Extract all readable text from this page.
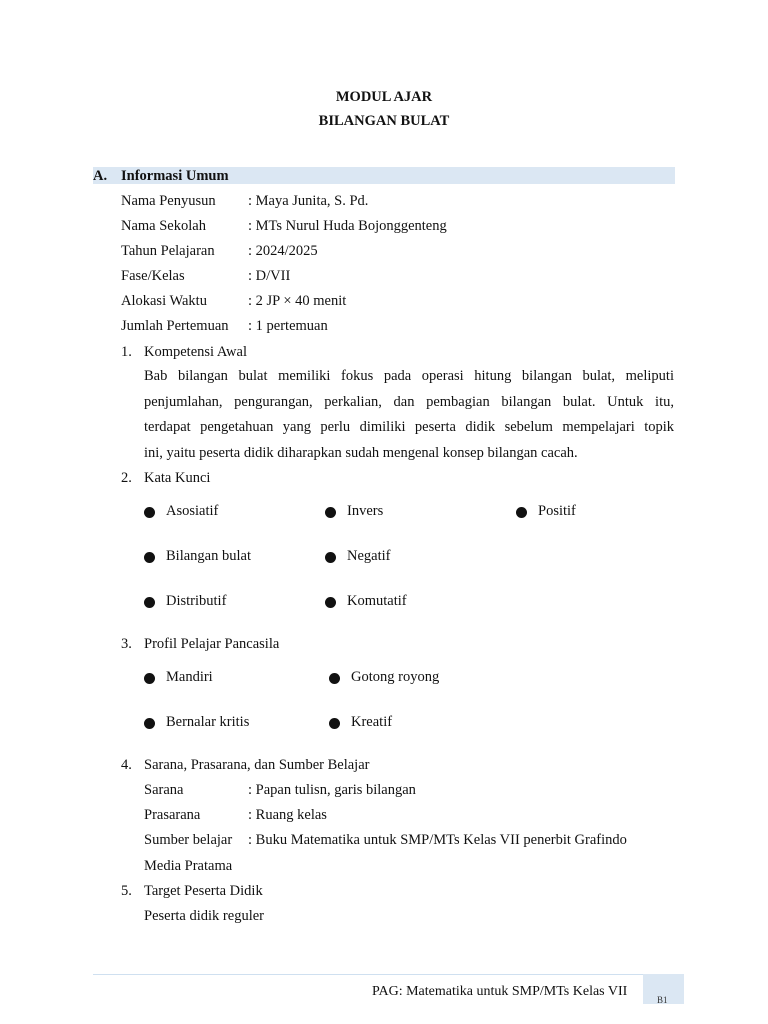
MODUL AJAR
BILANGAN BULAT
A. Informasi Umum
Nama Penyusun : Maya Junita, S. Pd.
Nama Sekolah	: MTs Nurul Huda Bojonggenteng
Tahun Pelajaran : 2024/2025
Fase/Kelas	: D/VII
Alokasi Waktu	: 2 JP × 40 menit
Jumlah Pertemuan : 1 pertemuan
1. Kompetensi Awal
Bab bilangan bulat memiliki fokus pada operasi hitung bilangan bulat, meliputi
penjumlahan, pengurangan, perkalian, dan pembagian bilangan bulat. Untuk itu,
terdapat pengetahuan yang perlu dimiliki peserta didik sebelum mempelajari topik
ini, yaitu peserta didik diharapkan sudah mengenal konsep bilangan cacah.
2. Kata Kunci
Asosiatif	Invers	Positif
Bilangan bulat	Negatif
Distributif	Komutatif
3. Profil Pelajar Pancasila
Mandiri	Gotong royong
Bernalar kritis	Kreatif
4. Sarana, Prasarana, dan Sumber Belajar
Sarana	: Papan tulisn, garis bilangan
Prasarana	: Ruang kelas
Sumber belajar : Buku Matematika untuk SMP/MTs Kelas VII penerbit Grafindo
Media Pratama
5. Target Peserta Didik
Peserta didik reguler
B1
PAG: Matematika untuk SMP/MTs Kelas VII
